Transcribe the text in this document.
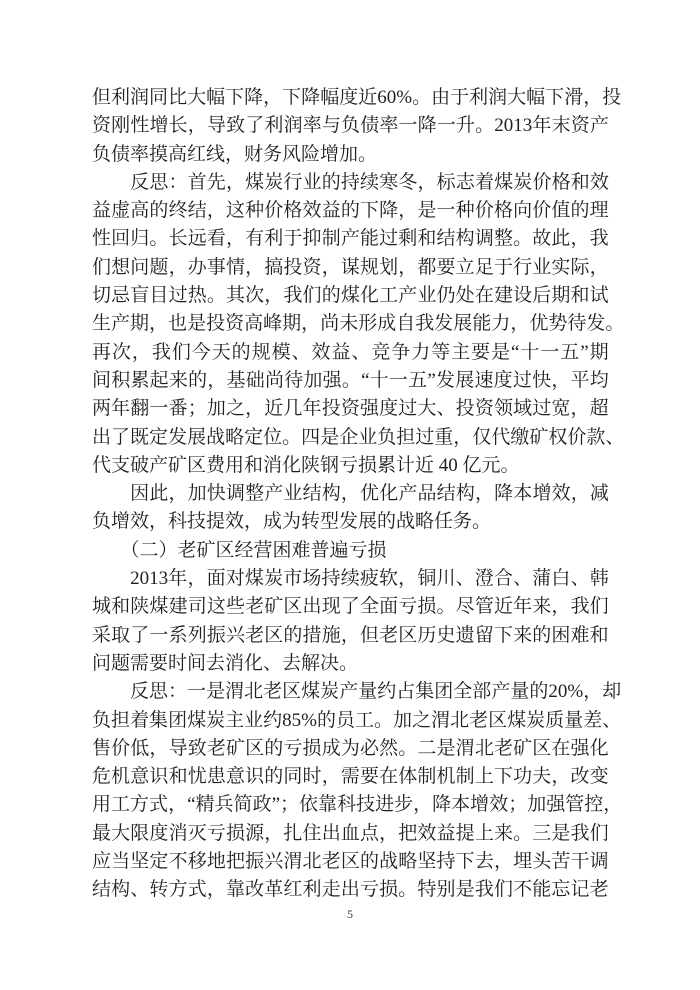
但 利 润 同 比 大 幅 下 降 ， 下 降 幅 度 近 60% 。 由 于 利 润 大 幅 下 滑 ， 投
资 刚 性 增 长 ， 导 致 了 利 润 率 与 负 债 率 一 降 一 升 。 2013 年 末 资 产
负债率摸高红线，财务风险增加。

反 思 ： 首 先 ， 煤 炭 行 业 的 持 续 寒 冬 ， 标 志 着 煤 炭 价 格 和 效
益 虚 高 的 终 结 ， 这 种 价 格 效 益 的 下 降 ， 是 一 种 价 格 向 价 值 的 理
性 回 归 。 长 远 看 ， 有 利 于 抑 制 产 能 过 剩 和 结 构 调 整 。 故 此 ， 我
们 想 问 题 ， 办 事 情 ， 搞 投 资 ， 谋 规 划 ， 都 要 立 足 于 行 业 实 际 ，
切 忌 盲 目 过 热 。 其 次 ， 我 们 的 煤 化 工 产 业 仍 处 在 建 设 后 期 和 试
生 产 期 ， 也 是 投 资 高 峰 期 ， 尚 未 形 成 自 我 发 展 能 力 ， 优 势 待 发 。
再 次 ， 我 们 今 天 的 规 模 、 效 益 、 竞 争 力 等 主 要 是 “ 十 一 五 ” 期
间 积 累 起 来 的 ， 基 础 尚 待 加 强 。 “ 十 一 五 ” 发 展 速 度 过 快 ， 平 均
两 年 翻 一 番 ； 加 之 ， 近 几 年 投 资 强 度 过 大 、 投 资 领 域 过 宽 ， 超
出 了 既 定 发 展 战 略 定 位 。 四 是 企 业 负 担 过 重 ， 仅 代 缴 矿 权 价 款 、
代支破产矿区费用和消化陕钢亏损累计近 40 亿元。

因 此 ， 加 快 调 整 产 业 结 构 ， 优 化 产 品 结 构 ， 降 本 增 效 ， 减
负增效，科技提效，成为转型发展的战略任务。
　　（二）老矿区经营困难普遍亏损

2013 年 ， 面 对 煤 炭 市 场 持 续 疲 软 ， 铜 川 、 澄 合 、 蒲 白 、 韩
城 和 陕 煤 建 司 这 些 老 矿 区 出 现 了 全 面 亏 损 。 尽 管 近 年 来 ， 我 们
采 取 了 一 系 列 振 兴 老 区 的 措 施 ， 但 老 区 历 史 遗 留 下 来 的 困 难 和
问题需要时间去消化、去解决。

反 思 ： 一 是 渭 北 老 区 煤 炭 产 量 约 占 集 团 全 部 产 量 的 20% ， 却
负 担 着 集 团 煤 炭 主 业 约 85% 的 员 工 。 加 之 渭 北 老 区 煤 炭 质 量 差 、
售 价 低 ， 导 致 老 矿 区 的 亏 损 成 为 必 然 。 二 是 渭 北 老 矿 区 在 强 化
危 机 意 识 和 忧 患 意 识 的 同 时 ， 需 要 在 体 制 机 制 上 下 功 夫 ， 改 变
用 工 方 式 ， “ 精 兵 简 政 ” ； 依 靠 科 技 进 步 ， 降 本 增 效 ； 加 强 管 控 ，
最 大 限 度 消 灭 亏 损 源 ， 扎 住 出 血 点 ， 把 效 益 提 上 来 。 三 是 我 们
应 当 坚 定 不 移 地 把 振 兴 渭 北 老 区 的 战 略 坚 持 下 去 ， 埋 头 苦 干 调
结 构 、 转 方 式 ， 靠 改 革 红 利 走 出 亏 损 。 特 别 是 我 们 不 能 忘 记 老
5
